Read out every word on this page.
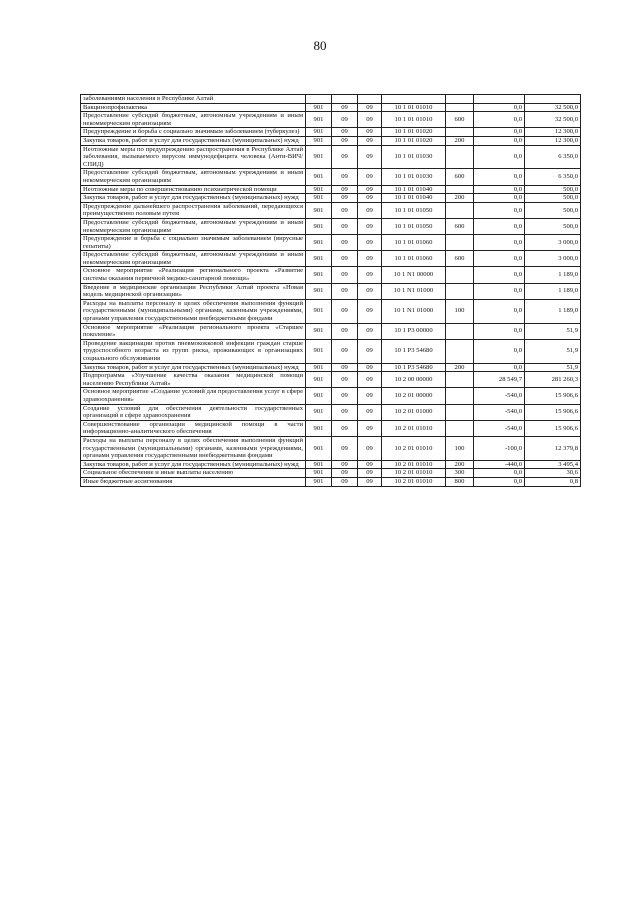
80
заболеваниями населения в Республике Алтай							
Вакцинопрофилактика	901	09	09	10 1 01 01010		0,0	32 500,0
Предоставление субсидий бюджетным, автономным учреждениям и иным некоммерческим организациям	901	09	09	10 1 01 01010	600	0,0	32 500,0
Предупреждение и борьба с социально значимым заболеванием (туберкулез)	901	09	09	10 1 01 01020		0,0	12 300,0
Закупка товаров, работ и услуг для государственных (муниципальных) нужд	901	09	09	10 1 01 01020	200	0,0	12 300,0
Неотложные меры по предупреждению распространения в Республике Алтай заболевания, вызываемого вирусом иммунодефицита человека (Анти-ВИЧ/СПИД)	901	09	09	10 1 01 01030		0,0	6 350,0
Предоставление субсидий бюджетным, автономным учреждениям и иным некоммерческим организациям	901	09	09	10 1 01 01030	600	0,0	6 350,0
Неотложные меры по совершенствованию психиатрической помощи	901	09	09	10 1 01 01040		0,0	500,0
Закупка товаров, работ и услуг для государственных (муниципальных) нужд	901	09	09	10 1 01 01040	200	0,0	500,0
Предупреждение дальнейшего распространения заболеваний, передающихся преимущественно половым путем	901	09	09	10 1 01 01050		0,0	500,0
Предоставление субсидий бюджетным, автономным учреждениям и иным некоммерческим организациям	901	09	09	10 1 01 01050	600	0,0	500,0
Предупреждение и борьба с социально значимым заболеванием (вирусные гепатиты)	901	09	09	10 1 01 01060		0,0	3 000,0
Предоставление субсидий бюджетным, автономным учреждениям и иным некоммерческим организациям	901	09	09	10 1 01 01060	600	0,0	3 000,0
Основное мероприятие «Реализация регионального проекта «Развитие системы оказания первичной медико-санитарной помощи»	901	09	09	10 1 N1 00000		0,0	1 189,0
Введение в медицинские организации Республики Алтай проекта «Новая модель медицинской организации»	901	09	09	10 1 N1 01000		0,0	1 189,0
Расходы на выплаты персоналу в целях обеспечения выполнения функций государственными (муниципальными) органами, казенными учреждениями, органами управления государственными внебюджетными фондами	901	09	09	10 1 N1 01000	100	0,0	1 189,0
Основное мероприятие «Реализация регионального проекта «Старшее поколение»	901	09	09	10 1 P3 00000		0,0	51,9
Проведение вакцинации против пневмококковой инфекции граждан старше трудоспособного возраста из групп риска, проживающих в организациях социального обслуживания	901	09	09	10 1 P3 54680		0,0	51,9
Закупка товаров, работ и услуг для государственных (муниципальных) нужд	901	09	09	10 1 P3 54680	200	0,0	51,9
Подпрограмма «Улучшение качества оказания медицинской помощи населению Республики Алтай»	901	09	09	10 2 00 00000		28 549,7	281 260,3
Основное мероприятие «Создание условий для предоставления услуг в сфере здравоохранения»	901	09	09	10 2 01 00000		-540,0	15 906,6
Создание условий для обеспечения деятельности государственных организаций в сфере здравоохранения	901	09	09	10 2 01 01000		-540,0	15 906,6
Совершенствование организации медицинской помощи в части информационно-аналитического обеспечения	901	09	09	10 2 01 01010		-540,0	15 906,6
Расходы на выплаты персоналу в целях обеспечения выполнения функций государственными (муниципальными) органами, казенными учреждениями, органами управления государственными внебюджетными фондами	901	09	09	10 2 01 01010	100	-100,0	12 379,8
Закупка товаров, работ и услуг для государственных (муниципальных) нужд	901	09	09	10 2 01 01010	200	-440,0	3 495,4
Социальное обеспечение и иные выплаты населению	901	09	09	10 2 01 01010	300	0,0	30,6
Иные бюджетные ассигнования	901	09	09	10 2 01 01010	800	0,0	0,8
